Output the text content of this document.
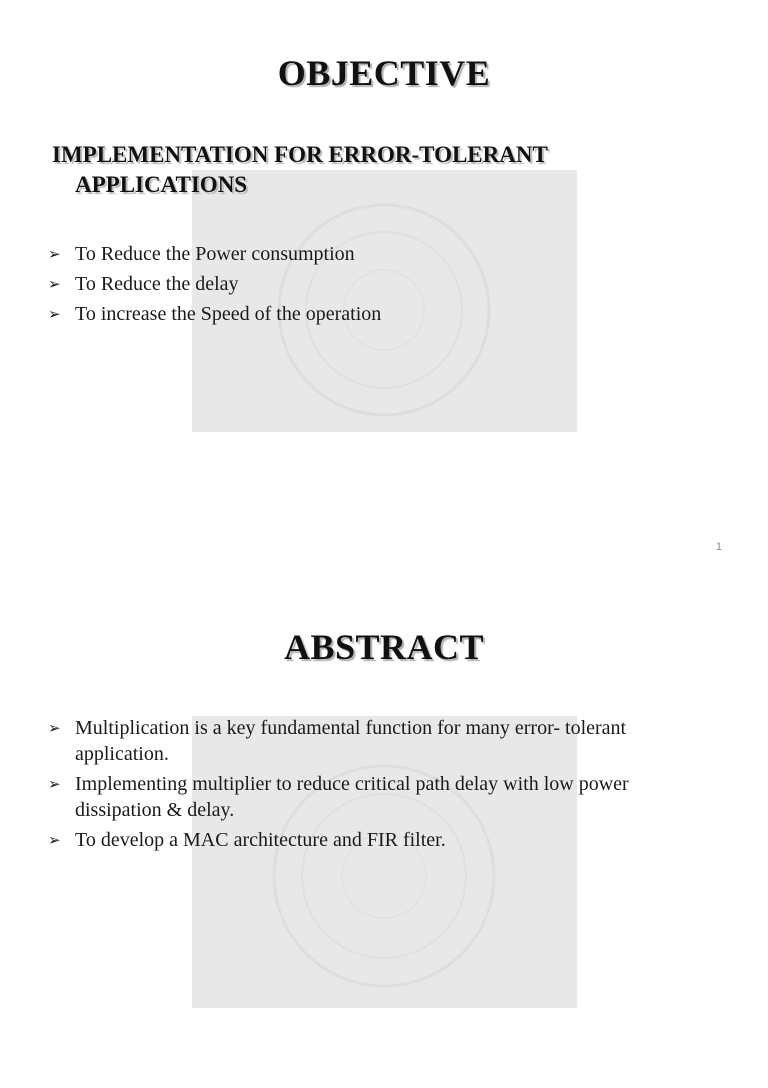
OBJECTIVE
IMPLEMENTATION FOR ERROR-TOLERANT
APPLICATIONS
➢ To Reduce the Power consumption
➢ To Reduce the delay
➢ To increase the Speed of the operation
1
ABSTRACT
➢ Multiplication is a key fundamental function for many error- tolerant application.
➢ Implementing multiplier to reduce critical path delay with low power dissipation & delay.
➢ To develop a MAC architecture and FIR filter.
